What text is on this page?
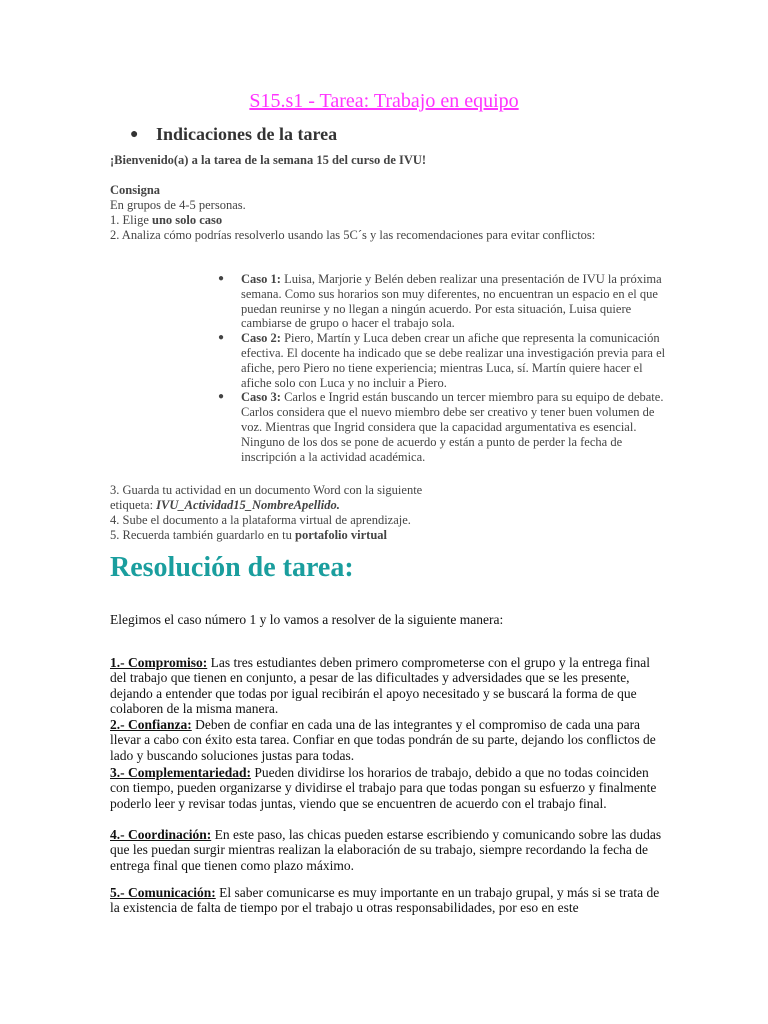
S15.s1 - Tarea: Trabajo en equipo
● Indicaciones de la tarea
¡Bienvenido(a) a la tarea de la semana 15 del curso de IVU!
Consigna
En grupos de 4-5 personas.
1. Elige uno solo caso
2. Analiza cómo podrías resolverlo usando las 5C´s y las recomendaciones para evitar conflictos:
● Caso 1: Luisa, Marjorie y Belén deben realizar una presentación de IVU la próxima semana. Como sus horarios son muy diferentes, no encuentran un espacio en el que puedan reunirse y no llegan a ningún acuerdo. Por esta situación, Luisa quiere cambiarse de grupo o hacer el trabajo sola.
● Caso 2: Piero, Martín y Luca deben crear un afiche que representa la comunicación efectiva. El docente ha indicado que se debe realizar una investigación previa para el afiche, pero Piero no tiene experiencia; mientras Luca, sí. Martín quiere hacer el afiche solo con Luca y no incluir a Piero.
● Caso 3: Carlos e Ingrid están buscando un tercer miembro para su equipo de debate. Carlos considera que el nuevo miembro debe ser creativo y tener buen volumen de voz. Mientras que Ingrid considera que la capacidad argumentativa es esencial. Ninguno de los dos se pone de acuerdo y están a punto de perder la fecha de inscripción a la actividad académica.
3. Guarda tu actividad en un documento Word con la siguiente
etiqueta: IVU_Actividad15_NombreApellido.
4. Sube el documento a la plataforma virtual de aprendizaje.
5. Recuerda también guardarlo en tu portafolio virtual
Resolución de tarea:
Elegimos el caso número 1 y lo vamos a resolver de la siguiente manera:
1.- Compromiso: Las tres estudiantes deben primero comprometerse con el grupo y la entrega final del trabajo que tienen en conjunto, a pesar de las dificultades y adversidades que se les presente, dejando a entender que todas por igual recibirán el apoyo necesitado y se buscará la forma de que colaboren de la misma manera.
2.- Confianza: Deben de confiar en cada una de las integrantes y el compromiso de cada una para llevar a cabo con éxito esta tarea. Confiar en que todas pondrán de su parte, dejando los conflictos de lado y buscando soluciones justas para todas.
3.- Complementariedad: Pueden dividirse los horarios de trabajo, debido a que no todas coinciden con tiempo, pueden organizarse y dividirse el trabajo para que todas pongan su esfuerzo y finalmente poderlo leer y revisar todas juntas, viendo que se encuentren de acuerdo con el trabajo final.
4.- Coordinación: En este paso, las chicas pueden estarse escribiendo y comunicando sobre las dudas que les puedan surgir mientras realizan la elaboración de su trabajo, siempre recordando la fecha de entrega final que tienen como plazo máximo.
5.- Comunicación: El saber comunicarse es muy importante en un trabajo grupal, y más si se trata de la existencia de falta de tiempo por el trabajo u otras responsabilidades, por eso en este
